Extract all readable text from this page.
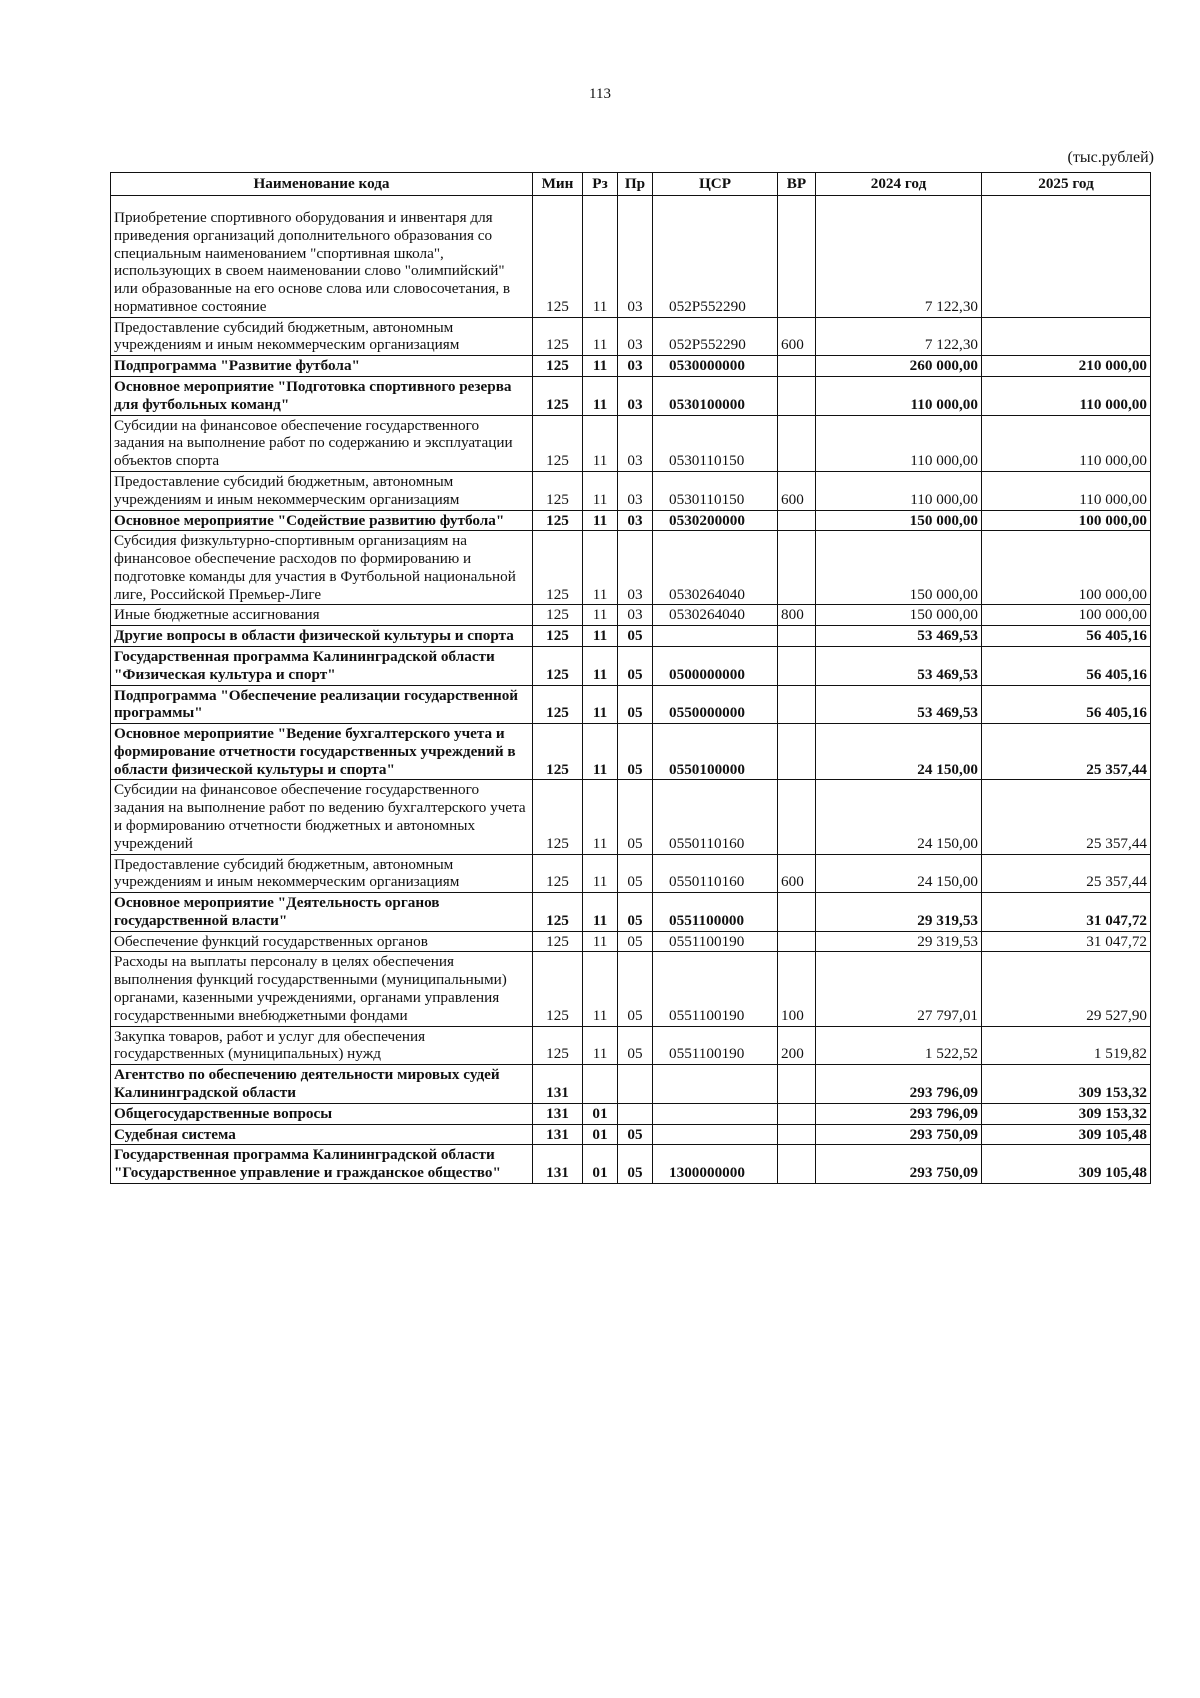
113
(тыс.рублей)
Наименование кода	Мин	Рз	Пр	ЦСР	ВР	2024 год	2025 год

Приобретение спортивного оборудования и инвентаря для приведения организаций дополнительного образования со специальным наименованием "спортивная школа", использующих в своем наименовании слово "олимпийский" или образованные на его основе слова или словосочетания, в нормативное состояние	125	11	03	052P552290		7 122,30	
Предоставление субсидий бюджетным, автономным учреждениям и иным некоммерческим организациям	125	11	03	052P552290	600	7 122,30	
Подпрограмма "Развитие футбола"	125	11	03	0530000000		260 000,00	210 000,00
Основное мероприятие "Подготовка спортивного резерва для футбольных команд"	125	11	03	0530100000		110 000,00	110 000,00
Субсидии на финансовое обеспечение государственного задания на выполнение работ по содержанию и эксплуатации объектов спорта	125	11	03	0530110150		110 000,00	110 000,00
Предоставление субсидий бюджетным, автономным учреждениям и иным некоммерческим организациям	125	11	03	0530110150	600	110 000,00	110 000,00
Основное мероприятие "Содействие развитию футбола"	125	11	03	0530200000		150 000,00	100 000,00
Субсидия физкультурно-спортивным организациям на финансовое обеспечение расходов по формированию и подготовке команды для участия в Футбольной национальной лиге, Российской Премьер-Лиге	125	11	03	0530264040		150 000,00	100 000,00
Иные бюджетные ассигнования	125	11	03	0530264040	800	150 000,00	100 000,00
Другие вопросы в области физической культуры и спорта	125	11	05			53 469,53	56 405,16
Государственная программа Калининградской области "Физическая культура и спорт"	125	11	05	0500000000		53 469,53	56 405,16
Подпрограмма "Обеспечение реализации государственной программы"	125	11	05	0550000000		53 469,53	56 405,16
Основное мероприятие "Ведение бухгалтерского учета и формирование отчетности государственных учреждений в области физической культуры и спорта"	125	11	05	0550100000		24 150,00	25 357,44
Субсидии на финансовое обеспечение государственного задания на выполнение работ по ведению бухгалтерского учета и формированию отчетности бюджетных и автономных учреждений	125	11	05	0550110160		24 150,00	25 357,44
Предоставление субсидий бюджетным, автономным учреждениям и иным некоммерческим организациям	125	11	05	0550110160	600	24 150,00	25 357,44
Основное мероприятие "Деятельность органов государственной власти"	125	11	05	0551100000		29 319,53	31 047,72
Обеспечение функций государственных органов	125	11	05	0551100190		29 319,53	31 047,72
Расходы на выплаты персоналу в целях обеспечения выполнения функций государственными (муниципальными) органами, казенными учреждениями, органами управления государственными внебюджетными фондами	125	11	05	0551100190	100	27 797,01	29 527,90
Закупка товаров, работ и услуг для обеспечения государственных (муниципальных) нужд	125	11	05	0551100190	200	1 522,52	1 519,82
Агентство по обеспечению деятельности мировых судей Калининградской области	131					293 796,09	309 153,32
Общегосударственные вопросы	131	01				293 796,09	309 153,32
Судебная система	131	01	05			293 750,09	309 105,48
Государственная программа Калининградской области "Государственное управление и гражданское общество"	131	01	05	1300000000		293 750,09	309 105,48
